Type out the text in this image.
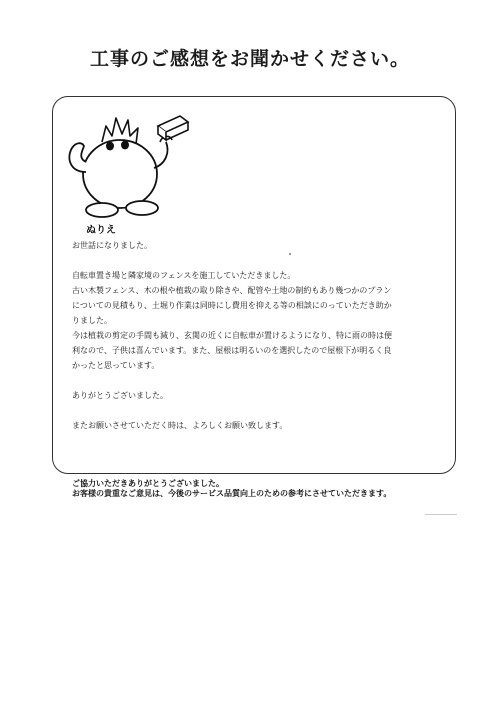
工事のご感想をお聞かせください。
ぬりえ

お世話になりました。

自転車置き場と隣家境のフェンスを施工していただきました。

古い木製フェンス、木の根や植栽の取り除きや、配管や土地の制約もあり幾つかのプラン

についての見積もり、土堀り作業は同時にし費用を抑える等の相談にのっていただき助か

りました。

今は植栽の剪定の手間も減り、玄関の近くに自転車が置けるようになり、特に雨の時は便

利なので、子供は喜んでいます。また、屋根は明るいのを選択したので屋根下が明るく良

かったと思っています。

ありがとうございました。

またお願いさせていただく時は、よろしくお願い致します。

ご協力いただきありがとうございました。

お客様の貴重なご意見は、今後のサービス品質向上のための参考にさせていただきます。
